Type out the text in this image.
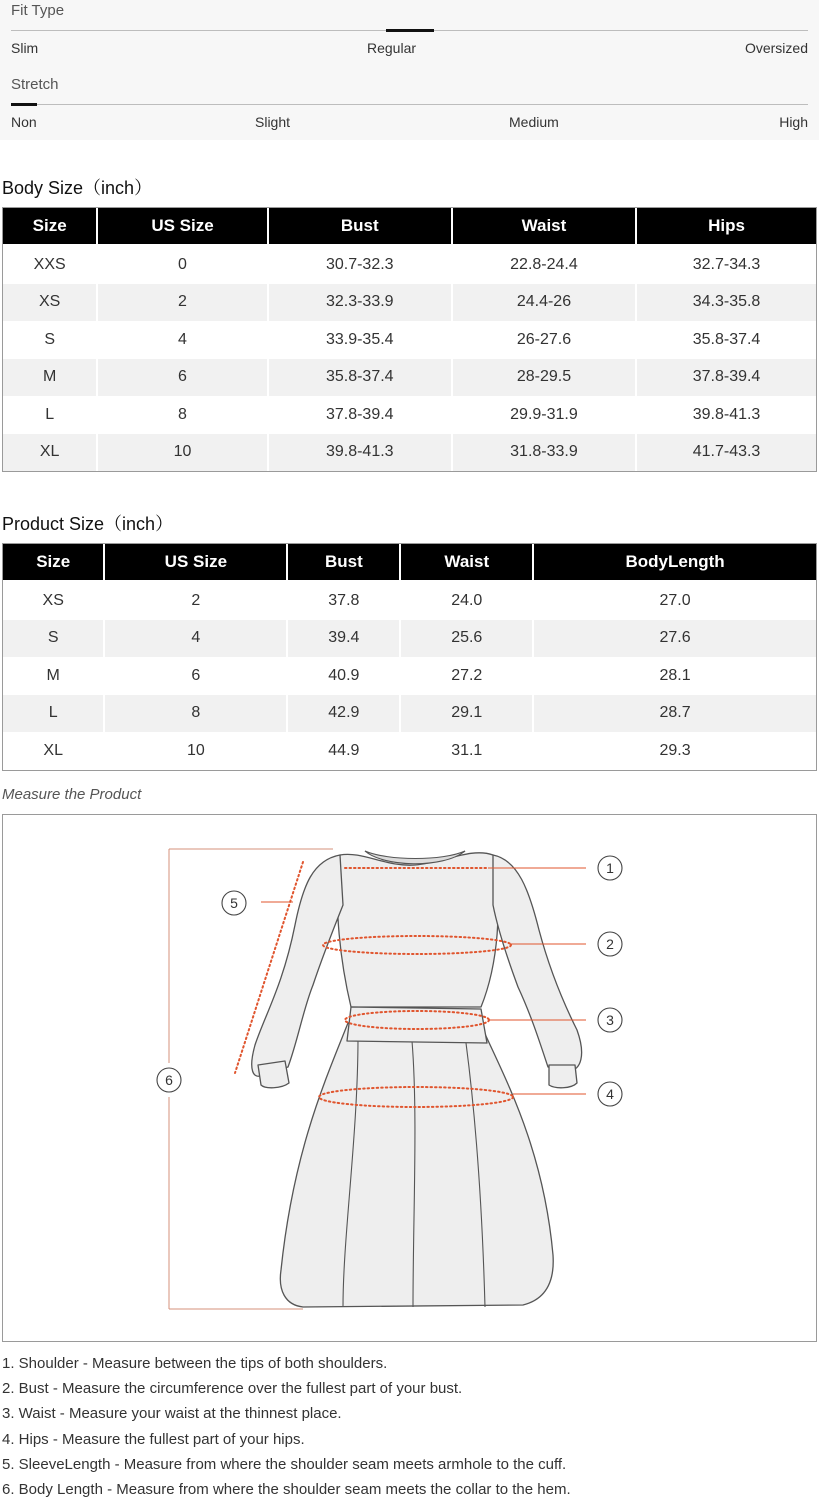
Fit Type
Slim	Regular	Oversized
Stretch
Non	Slight	Medium	High
Body Size（inch）
Size	US Size	Bust	Waist	Hips
XXS	0	30.7-32.3	22.8-24.4	32.7-34.3
XS	2	32.3-33.9	24.4-26	34.3-35.8
S	4	33.9-35.4	26-27.6	35.8-37.4
M	6	35.8-37.4	28-29.5	37.8-39.4
L	8	37.8-39.4	29.9-31.9	39.8-41.3
XL	10	39.8-41.3	31.8-33.9	41.7-43.3
Product Size（inch）
Size	US Size	Bust	Waist	BodyLength
XS	2	37.8	24.0	27.0
S	4	39.4	25.6	27.6
M	6	40.9	27.2	28.1
L	8	42.9	29.1	28.7
XL	10	44.9	31.1	29.3
Measure the Product
1
2
3
4
5
6
1. Shoulder - Measure between the tips of both shoulders.
2. Bust - Measure the circumference over the fullest part of your bust.
3. Waist - Measure your waist at the thinnest place.
4. Hips - Measure the fullest part of your hips.
5. SleeveLength - Measure from where the shoulder seam meets armhole to the cuff.
6. Body Length - Measure from where the shoulder seam meets the collar to the hem.
